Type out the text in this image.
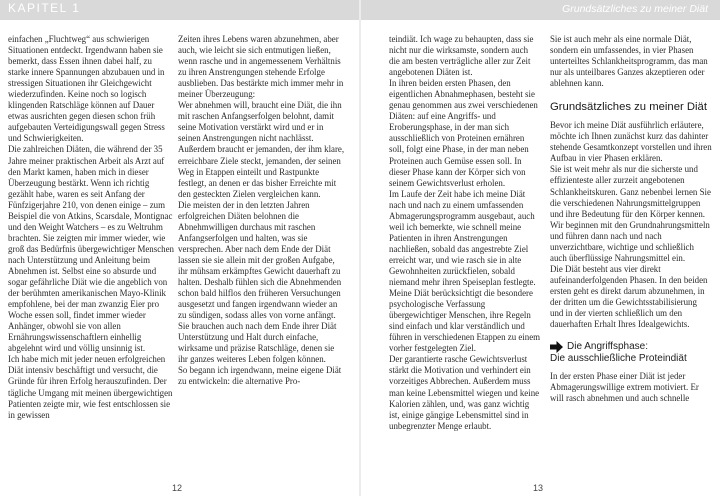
KAPITEL 1	Grundsätzliches zu meiner Diät

einfachen „Fluchtweg“ aus schwierigen Situationen entdeckt. Irgendwann haben sie bemerkt, dass Essen ihnen dabei half, zu starke innere Spannungen abzubauen und in stressigen Situationen ihr Gleichgewicht wiederzufinden. Keine noch so logisch klingenden Ratschläge können auf Dauer etwas ausrichten gegen diesen schon früh aufgebauten Verteidigungswall gegen Stress und Schwierigkeiten.

Die zahlreichen Diäten, die während der 35 Jahre meiner praktischen Arbeit als Arzt auf den Markt kamen, haben mich in dieser Überzeugung bestärkt. Wenn ich richtig gezählt habe, waren es seit Anfang der Fünfzigerjahre 210, von denen einige – zum Beispiel die von Atkins, Scarsdale, Montignac und den Weight Watchers – es zu Weltruhm brachten. Sie zeigten mir immer wieder, wie groß das Bedürfnis übergewichtiger Menschen nach Unterstützung und Anleitung beim Abnehmen ist. Selbst eine so absurde und sogar gefährliche Diät wie die angeblich von der berühmten amerikanischen Mayo-Klinik empfohlene, bei der man zwanzig Eier pro Woche essen soll, findet immer wieder Anhänger, obwohl sie von allen Ernährungswissenschaftlern einhellig abgelehnt wird und völlig unsinnig ist.

Ich habe mich mit jeder neuen erfolgreichen Diät intensiv beschäftigt und versucht, die Gründe für ihren Erfolg herauszufinden. Der tägliche Umgang mit meinen übergewichtigen Patienten zeigte mir, wie fest entschlossen sie in gewissen

Zeiten ihres Lebens waren abzunehmen, aber auch, wie leicht sie sich entmutigen ließen, wenn rasche und in angemessenem Verhältnis zu ihren Anstrengungen stehende Erfolge ausblieben. Das bestärkte mich immer mehr in meiner Überzeugung:

Wer abnehmen will, braucht eine Diät, die ihn mit raschen Anfangserfolgen belohnt, damit seine Motivation verstärkt wird und er in seinen Anstrengungen nicht nachlässt. Außerdem braucht er jemanden, der ihm klare, erreichbare Ziele steckt, jemanden, der seinen Weg in Etappen einteilt und Rastpunkte festlegt, an denen er das bisher Erreichte mit den gesteckten Zielen vergleichen kann.

Die meisten der in den letzten Jahren erfolgreichen Diäten belohnen die Abnehmwilligen durchaus mit raschen Anfangserfolgen und halten, was sie versprechen. Aber nach dem Ende der Diät lassen sie sie allein mit der großen Aufgabe, ihr mühsam erkämpftes Gewicht dauerhaft zu halten. Deshalb fühlen sich die Abnehmenden schon bald hilflos den früheren Versuchungen ausgesetzt und fangen irgendwann wieder an zu sündigen, sodass alles von vorne anfängt. Sie brauchen auch nach dem Ende ihrer Diät Unterstützung und Halt durch einfache, wirksame und präzise Ratschläge, denen sie ihr ganzes weiteres Leben folgen können.

So begann ich irgendwann, meine eigene Diät zu entwickeln: die alternative Pro-

teindiät. Ich wage zu behaupten, dass sie nicht nur die wirksamste, sondern auch die am besten verträgliche aller zur Zeit angebotenen Diäten ist.

In ihren beiden ersten Phasen, den eigentlichen Abnahmephasen, besteht sie genau genommen aus zwei verschiedenen Diäten: auf eine Angriffs- und Eroberungsphase, in der man sich ausschließlich von Proteinen ernähren soll, folgt eine Phase, in der man neben Proteinen auch Gemüse essen soll. In dieser Phase kann der Körper sich von seinem Gewichtsverlust erholen.

Im Laufe der Zeit habe ich meine Diät nach und nach zu einem umfassenden Abmagerungsprogramm ausgebaut, auch weil ich bemerkte, wie schnell meine Patienten in ihren Anstrengungen nachließen, sobald das angestrebte Ziel erreicht war, und wie rasch sie in alte Gewohnheiten zurückfielen, sobald niemand mehr ihren Speiseplan festlegte. Meine Diät berücksichtigt die besondere psychologische Verfassung übergewichtiger Menschen, ihre Regeln sind einfach und klar verständlich und führen in verschiedenen Etappen zu einem vorher festgelegten Ziel.

Der garantierte rasche Gewichtsverlust stärkt die Motivation und verhindert ein vorzeitiges Abbrechen. Außerdem muss man keine Lebensmittel wiegen und keine Kalorien zählen, und, was ganz wichtig ist, einige gängige Lebensmittel sind in unbegrenzter Menge erlaubt.

Sie ist auch mehr als eine normale Diät, sondern ein umfassendes, in vier Phasen unterteiltes Schlankheitsprogramm, das man nur als unteilbares Ganzes akzeptieren oder ablehnen kann.

Grundsätzliches zu meiner Diät

Bevor ich meine Diät ausführlich erläutere, möchte ich Ihnen zunächst kurz das dahinter stehende Gesamtkonzept vorstellen und ihren Aufbau in vier Phasen erklären.

Sie ist weit mehr als nur die sicherste und effizienteste aller zurzeit angebotenen Schlankheitskuren. Ganz nebenbei lernen Sie die verschiedenen Nahrungsmittelgruppen und ihre Bedeutung für den Körper kennen. Wir beginnen mit den Grundnahrungsmitteln und führen dann nach und nach unverzichtbare, wichtige und schließlich auch überflüssige Nahrungsmittel ein.

Die Diät besteht aus vier direkt aufeinanderfolgenden Phasen. In den beiden ersten geht es direkt darum abzunehmen, in der dritten um die Gewichtsstabilisierung und in der vierten schließlich um den dauerhaften Erhalt Ihres Idealgewichts.

Die Angriffsphase:
Die ausschließliche Proteindiät

In der ersten Phase einer Diät ist jeder Abmagerungswillige extrem motiviert. Er will rasch abnehmen und auch schnelle

12	13
